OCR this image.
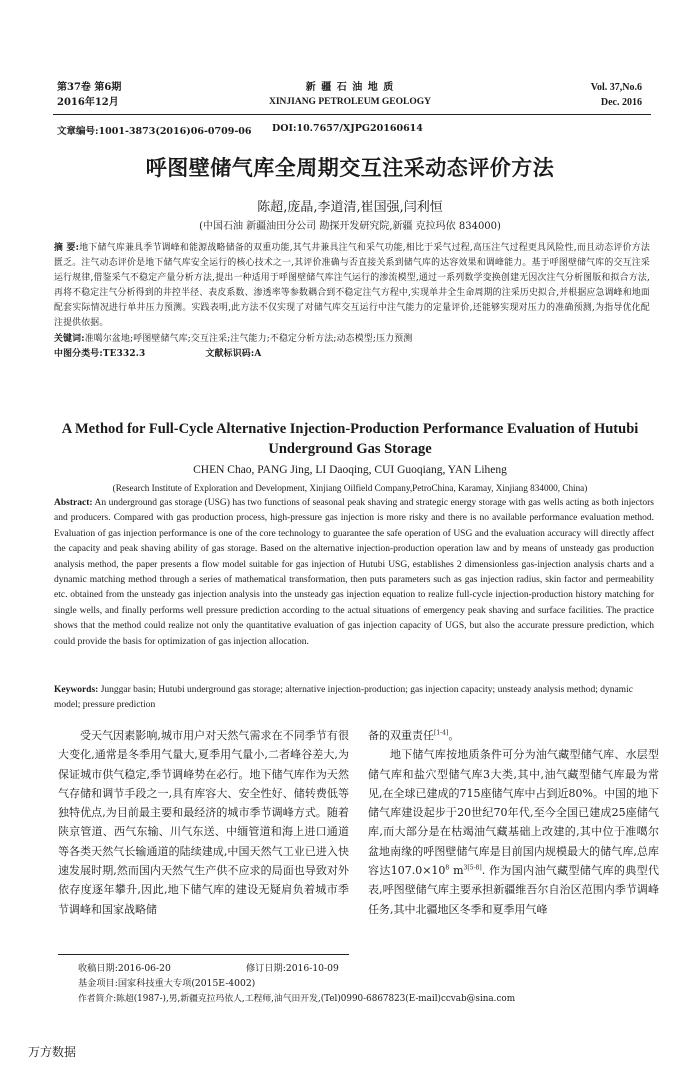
第37卷 第6期
2016年12月
新 疆 石 油 地 质
XINJIANG PETROLEUM GEOLOGY
Vol. 37,No.6
Dec. 2016
文章编号:1001-3873(2016)06-0709-06 DOI:10.7657/XJPG20160614
呼图壁储气库全周期交互注采动态评价方法
陈超,庞晶,李道清,崔国强,闫利恒
(中国石油 新疆油田分公司 勘探开发研究院,新疆 克拉玛依 834000)
摘 要:地下储气库兼具季节调峰和能源战略储备的双重功能,其气井兼具注气和采气功能,相比于采气过程,高压注气过程更具风险性,而且动态评价方法匮乏。注气动态评价是地下储气库安全运行的核心技术之一,其评价准确与否直接关系到储气库的达容效果和调峰能力。基于呼图壁储气库的交互注采运行规律,借鉴采气不稳定产量分析方法,提出一种适用于呼图壁储气库注气运行的渗流模型,通过一系列数学变换创建无因次注气分析图版和拟合方法,再将不稳定注气分析得到的井控半径、表皮系数、渗透率等参数耦合到不稳定注气方程中,实现单井全生命周期的注采历史拟合,并根据应急调峰和地面配套实际情况进行单井压力预测。实践表明,此方法不仅实现了对储气库交互运行中注气能力的定量评价,还能够实现对压力的准确预测,为指导优化配注提供依据。
关键词:准噶尔盆地;呼图壁储气库;交互注采;注气能力;不稳定分析方法;动态模型;压力预测
中图分类号:TE332.3	文献标识码:A
A Method for Full-Cycle Alternative Injection-Production Performance Evaluation of Hutubi Underground Gas Storage
CHEN Chao, PANG Jing, LI Daoqing, CUI Guoqiang, YAN Liheng
(Research Institute of Exploration and Development, Xinjiang Oilfield Company,PetroChina, Karamay, Xinjiang 834000, China)
Abstract: An underground gas storage (USG) has two functions of seasonal peak shaving and strategic energy storage with gas wells acting as both injectors and producers. Compared with gas production process, high-pressure gas injection is more risky and there is no available performance evaluation method. Evaluation of gas injection performance is one of the core technology to guarantee the safe operation of USG and the evaluation accuracy will directly affect the capacity and peak shaving ability of gas storage. Based on the alternative injection-production operation law and by means of unsteady gas production analysis method, the paper presents a flow model suitable for gas injection of Hutubi USG, establishes 2 dimensionless gas-injection analysis charts and a dynamic matching method through a series of mathematical transformation, then puts parameters such as gas injection radius, skin factor and permeability etc. obtained from the unsteady gas injection analysis into the unsteady gas injection equation to realize full-cycle injection-production history matching for single wells, and finally performs well pressure prediction according to the actual situations of emergency peak shaving and surface facilities. The practice shows that the method could realize not only the quantitative evaluation of gas injection capacity of UGS, but also the accurate pressure prediction, which could provide the basis for optimization of gas injection allocation.
Keywords: Junggar basin; Hutubi underground gas storage; alternative injection-production; gas injection capacity; unsteady analysis method; dynamic model; pressure prediction

受天气因素影响,城市用户对天然气需求在不同季节有很大变化,通常是冬季用气量大,夏季用气量小,二者峰谷差大,为保证城市供气稳定,季节调峰势在必行。地下储气库作为天然气存储和调节手段之一,具有库容大、安全性好、储转费低等独特优点,为目前最主要和最经济的城市季节调峰方式。随着陕京管道、西气东输、川气东送、中缅管道和海上进口通道等各类天然气长输通道的陆续建成,中国天然气工业已进入快速发展时期,然而国内天然气生产供不应求的局面也导致对外依存度逐年攀升,因此,地下储气库的建设无疑肩负着城市季节调峰和国家战略储

备的双重责任[1-4]。

地下储气库按地质条件可分为油气藏型储气库、水层型储气库和盐穴型储气库3大类,其中,油气藏型储气库最为常见,在全球已建成的715座储气库中占到近80%。中国的地下储气库建设起步于20世纪70年代,至今全国已建成25座储气库,而大部分是在枯竭油气藏基础上改建的,其中位于准噶尔盆地南缘的呼图壁储气库是目前国内规模最大的储气库,总库容达$107.0\times 10^8$ $m^{3[5-8]}$. 作为国内油气藏型储气库的典型代表,呼图壁储气库主要承担新疆维吾尔自治区范围内季节调峰任务,其中北疆地区冬季和夏季用气峰

收稿日期:2016-06-20	修订日期:2016-10-09
基金项目:国家科技重大专项(2015E-4002)
作者简介:陈超(1987-),男,新疆克拉玛依人,工程师,油气田开发,(Tel)0990-6867823(E-mail)ccvab@sina.com
万方数据
